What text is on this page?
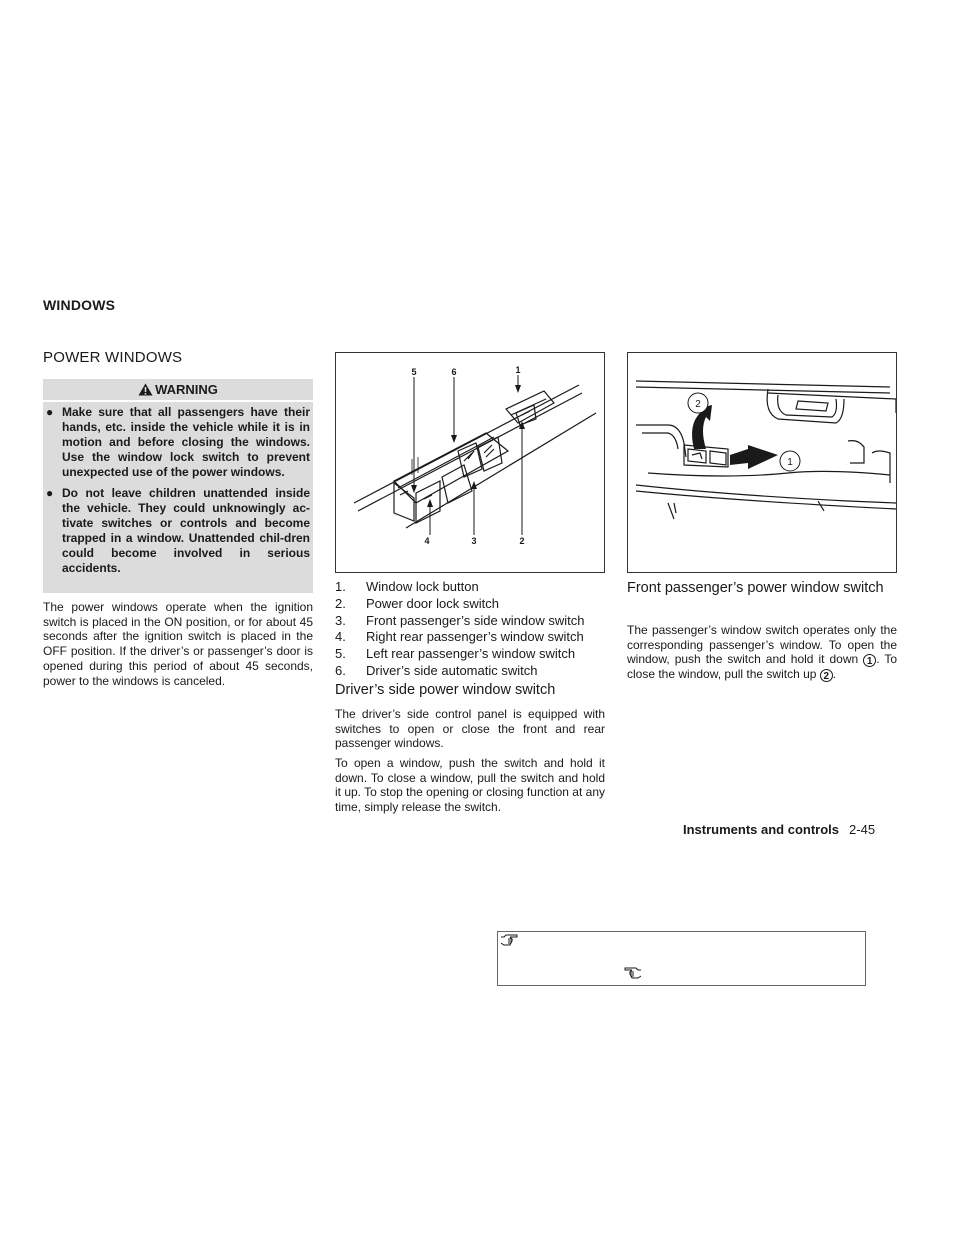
WINDOWS
POWER WINDOWS
WARNING
● Make sure that all passengers have their hands, etc. inside the vehicle while it is in motion and before closing the windows. Use the window lock switch to prevent unexpected use of the power windows.
● Do not leave children unattended inside the vehicle. They could unknowingly ac-tivate switches or controls and become trapped in a window. Unattended chil-dren could become involved in serious accidents.
The power windows operate when the ignition switch is placed in the ON position, or for about 45 seconds after the ignition switch is placed in the OFF position. If the driver’s or passenger’s door is opened during this period of about 45 seconds, power to the windows is canceled.
5	6	1
4	3	2
2
1
1.	Window lock button
2.	Power door lock switch
3.	Front passenger’s side window switch
4.	Right rear passenger’s window switch
5.	Left rear passenger’s window switch
6.	Driver’s side automatic switch
Driver’s side power window switch
The driver’s side control panel is equipped with switches to open or close the front and rear passenger windows.
To open a window, push the switch and hold it down. To close a window, pull the switch and hold it up. To stop the opening or closing function at any time, simply release the switch.
Front passenger’s power window switch
The passenger’s window switch operates only the corresponding passenger’s window. To open the window, push the switch and hold it down 1 . To close the window, pull the switch up 2 .
Instruments and controls 2-45
